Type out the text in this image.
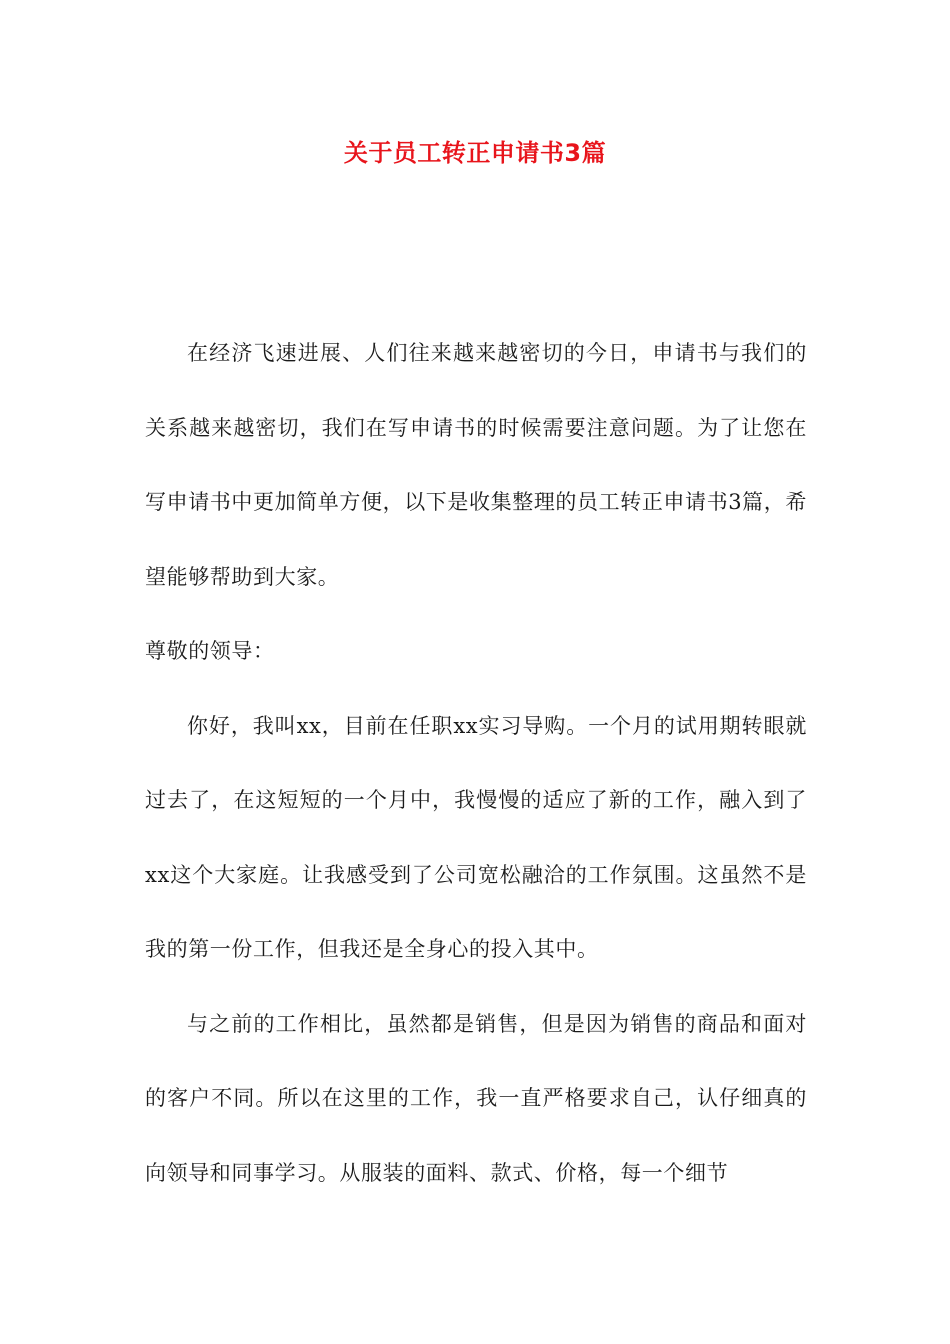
关于员工转正申请书3篇

在经济飞速进展、人们往来越来越密切的今日，申请书与我们的关系越来越密切，我们在写申请书的时候需要注意问题。为了让您在写申请书中更加简单方便，以下是收集整理的员工转正申请书3篇，希望能够帮助到大家。

尊敬的领导：

你好，我叫xx，目前在任职xx实习导购。一个月的试用期转眼就过去了，在这短短的一个月中，我慢慢的适应了新的工作，融入到了xx这个大家庭。让我感受到了公司宽松融洽的工作氛围。这虽然不是我的第一份工作，但我还是全身心的投入其中。

与之前的工作相比，虽然都是销售，但是因为销售的商品和面对的客户不同。所以在这里的工作，我一直严格要求自己，认仔细真的向领导和同事学习。从服装的面料、款式、价格，每一个细节
